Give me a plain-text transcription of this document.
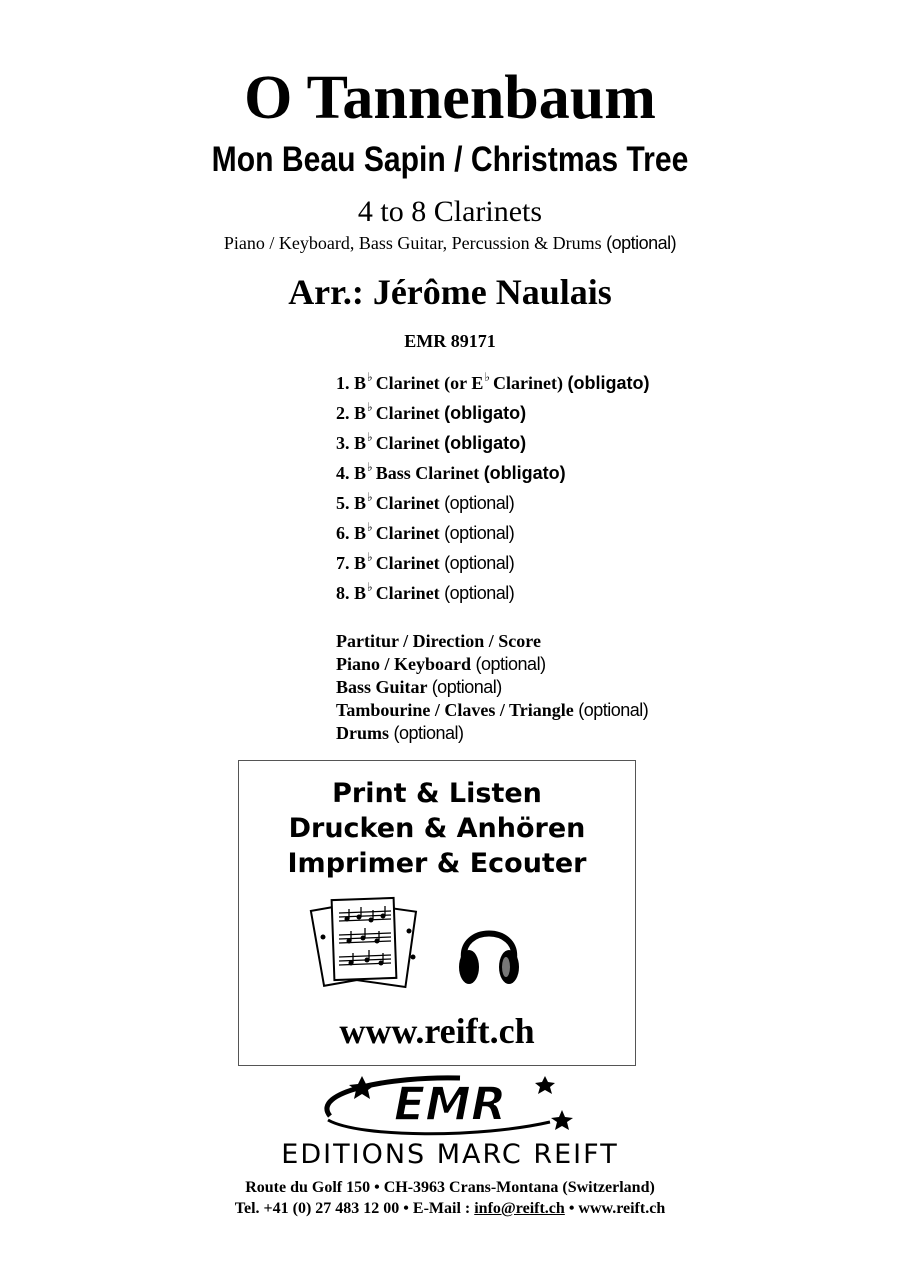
O Tannenbaum
Mon Beau Sapin / Christmas Tree
4 to 8 Clarinets
Piano / Keyboard, Bass Guitar, Percussion & Drums (optional)
Arr.: Jérôme Naulais
EMR 89171
1. B♭ Clarinet (or E♭ Clarinet) (obligato)
2. B♭ Clarinet (obligato)
3. B♭ Clarinet (obligato)
4. B♭ Bass Clarinet (obligato)
5. B♭ Clarinet (optional)
6. B♭ Clarinet (optional)
7. B♭ Clarinet (optional)
8. B♭ Clarinet (optional)
Partitur / Direction / Score
Piano / Keyboard (optional)
Bass Guitar (optional)
Tambourine / Claves / Triangle (optional)
Drums (optional)
Print & Listen
Drucken & Anhören
Imprimer & Ecouter
www.reift.ch
EMR
EDITIONS MARC REIFT
Route du Golf 150 • CH-3963 Crans-Montana (Switzerland)
Tel. +41 (0) 27 483 12 00 • E-Mail : info@reift.ch • www.reift.ch
